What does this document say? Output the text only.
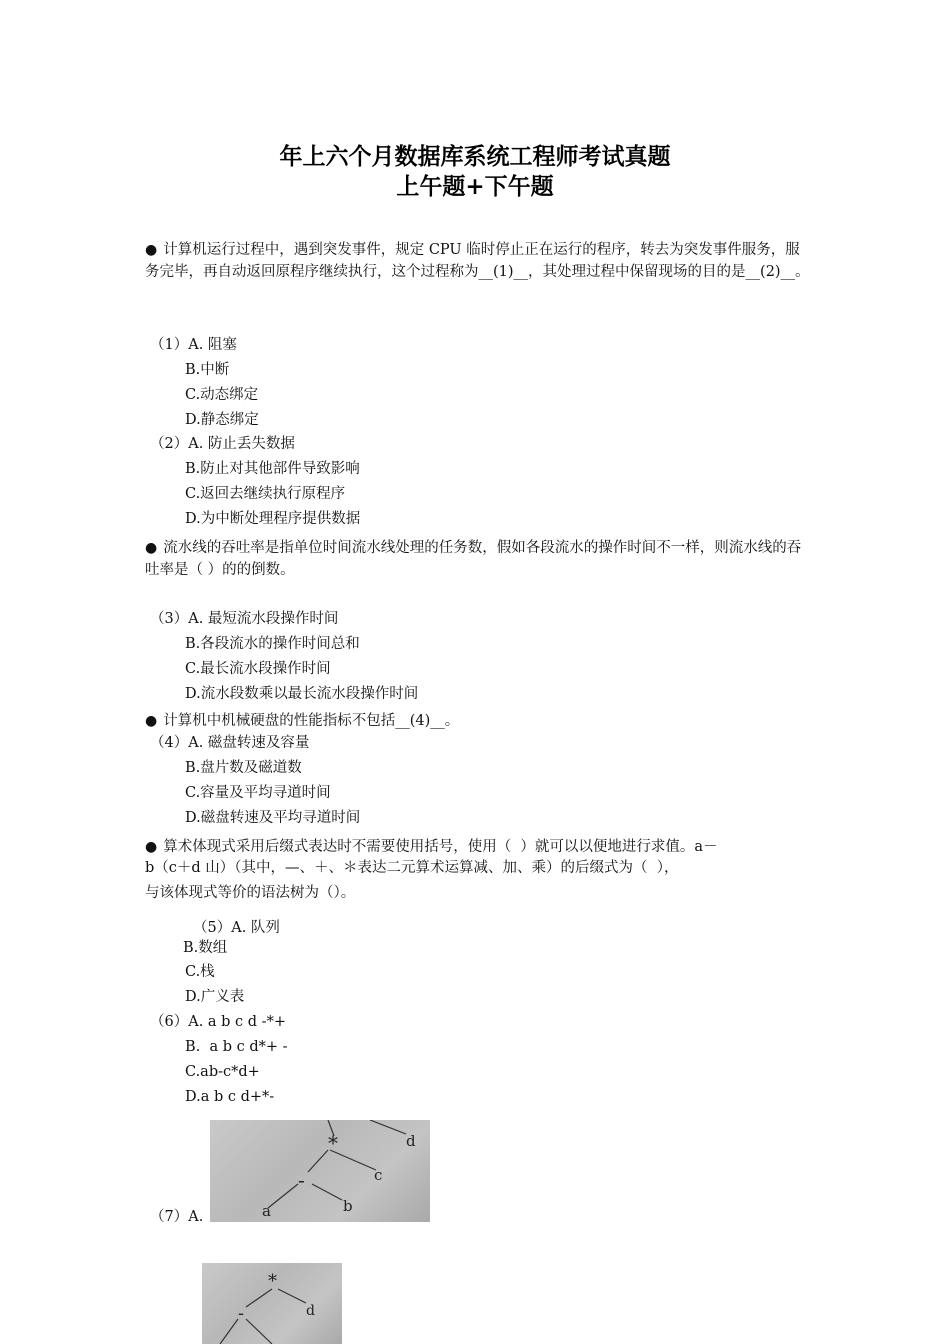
年上六个月数据库系统工程师考试真题
上午题+下午题
● 计算机运行过程中，遇到突发事件，规定 CPU 临时停止正在运行的程序，转去为突发事件服务，服务完毕，再自动返回原程序继续执行，这个过程称为__(1)__，其处理过程中保留现场的目的是__(2)__。
（1）A. 阻塞
B.中断
C.动态绑定
D.静态绑定
（2）A. 防止丢失数据
B.防止对其他部件导致影响
C.返回去继续执行原程序
D.为中断处理程序提供数据
● 流水线的吞吐率是指单位时间流水线处理的任务数，假如各段流水的操作时间不一样，则流水线的吞吐率是（ ）的的倒数。
（3）A. 最短流水段操作时间
B.各段流水的操作时间总和
C.最长流水段操作时间
D.流水段数乘以最长流水段操作时间
● 计算机中机械硬盘的性能指标不包括__(4)__。
（4）A. 磁盘转速及容量
B.盘片数及磁道数
C.容量及平均寻道时间
D.磁盘转速及平均寻道时间
● 算术体现式采用后缀式表达时不需要使用括号，使用（  ）就可以以便地进行求值。a－
b（c＋d 山）（其中，—、＋、＊表达二元算术运算减、加、乘）的后缀式为（  ），
与该体现式等价的语法树为（）。
（5）A. 队列
B.数组
C.栈
D.广义表
（6）A. a b c d -*+
B.  a b c d*+ -
C.ab-c*d+
D.a b c d+*-
（7）A.
*	d
-	c
a	b
*
-	d
